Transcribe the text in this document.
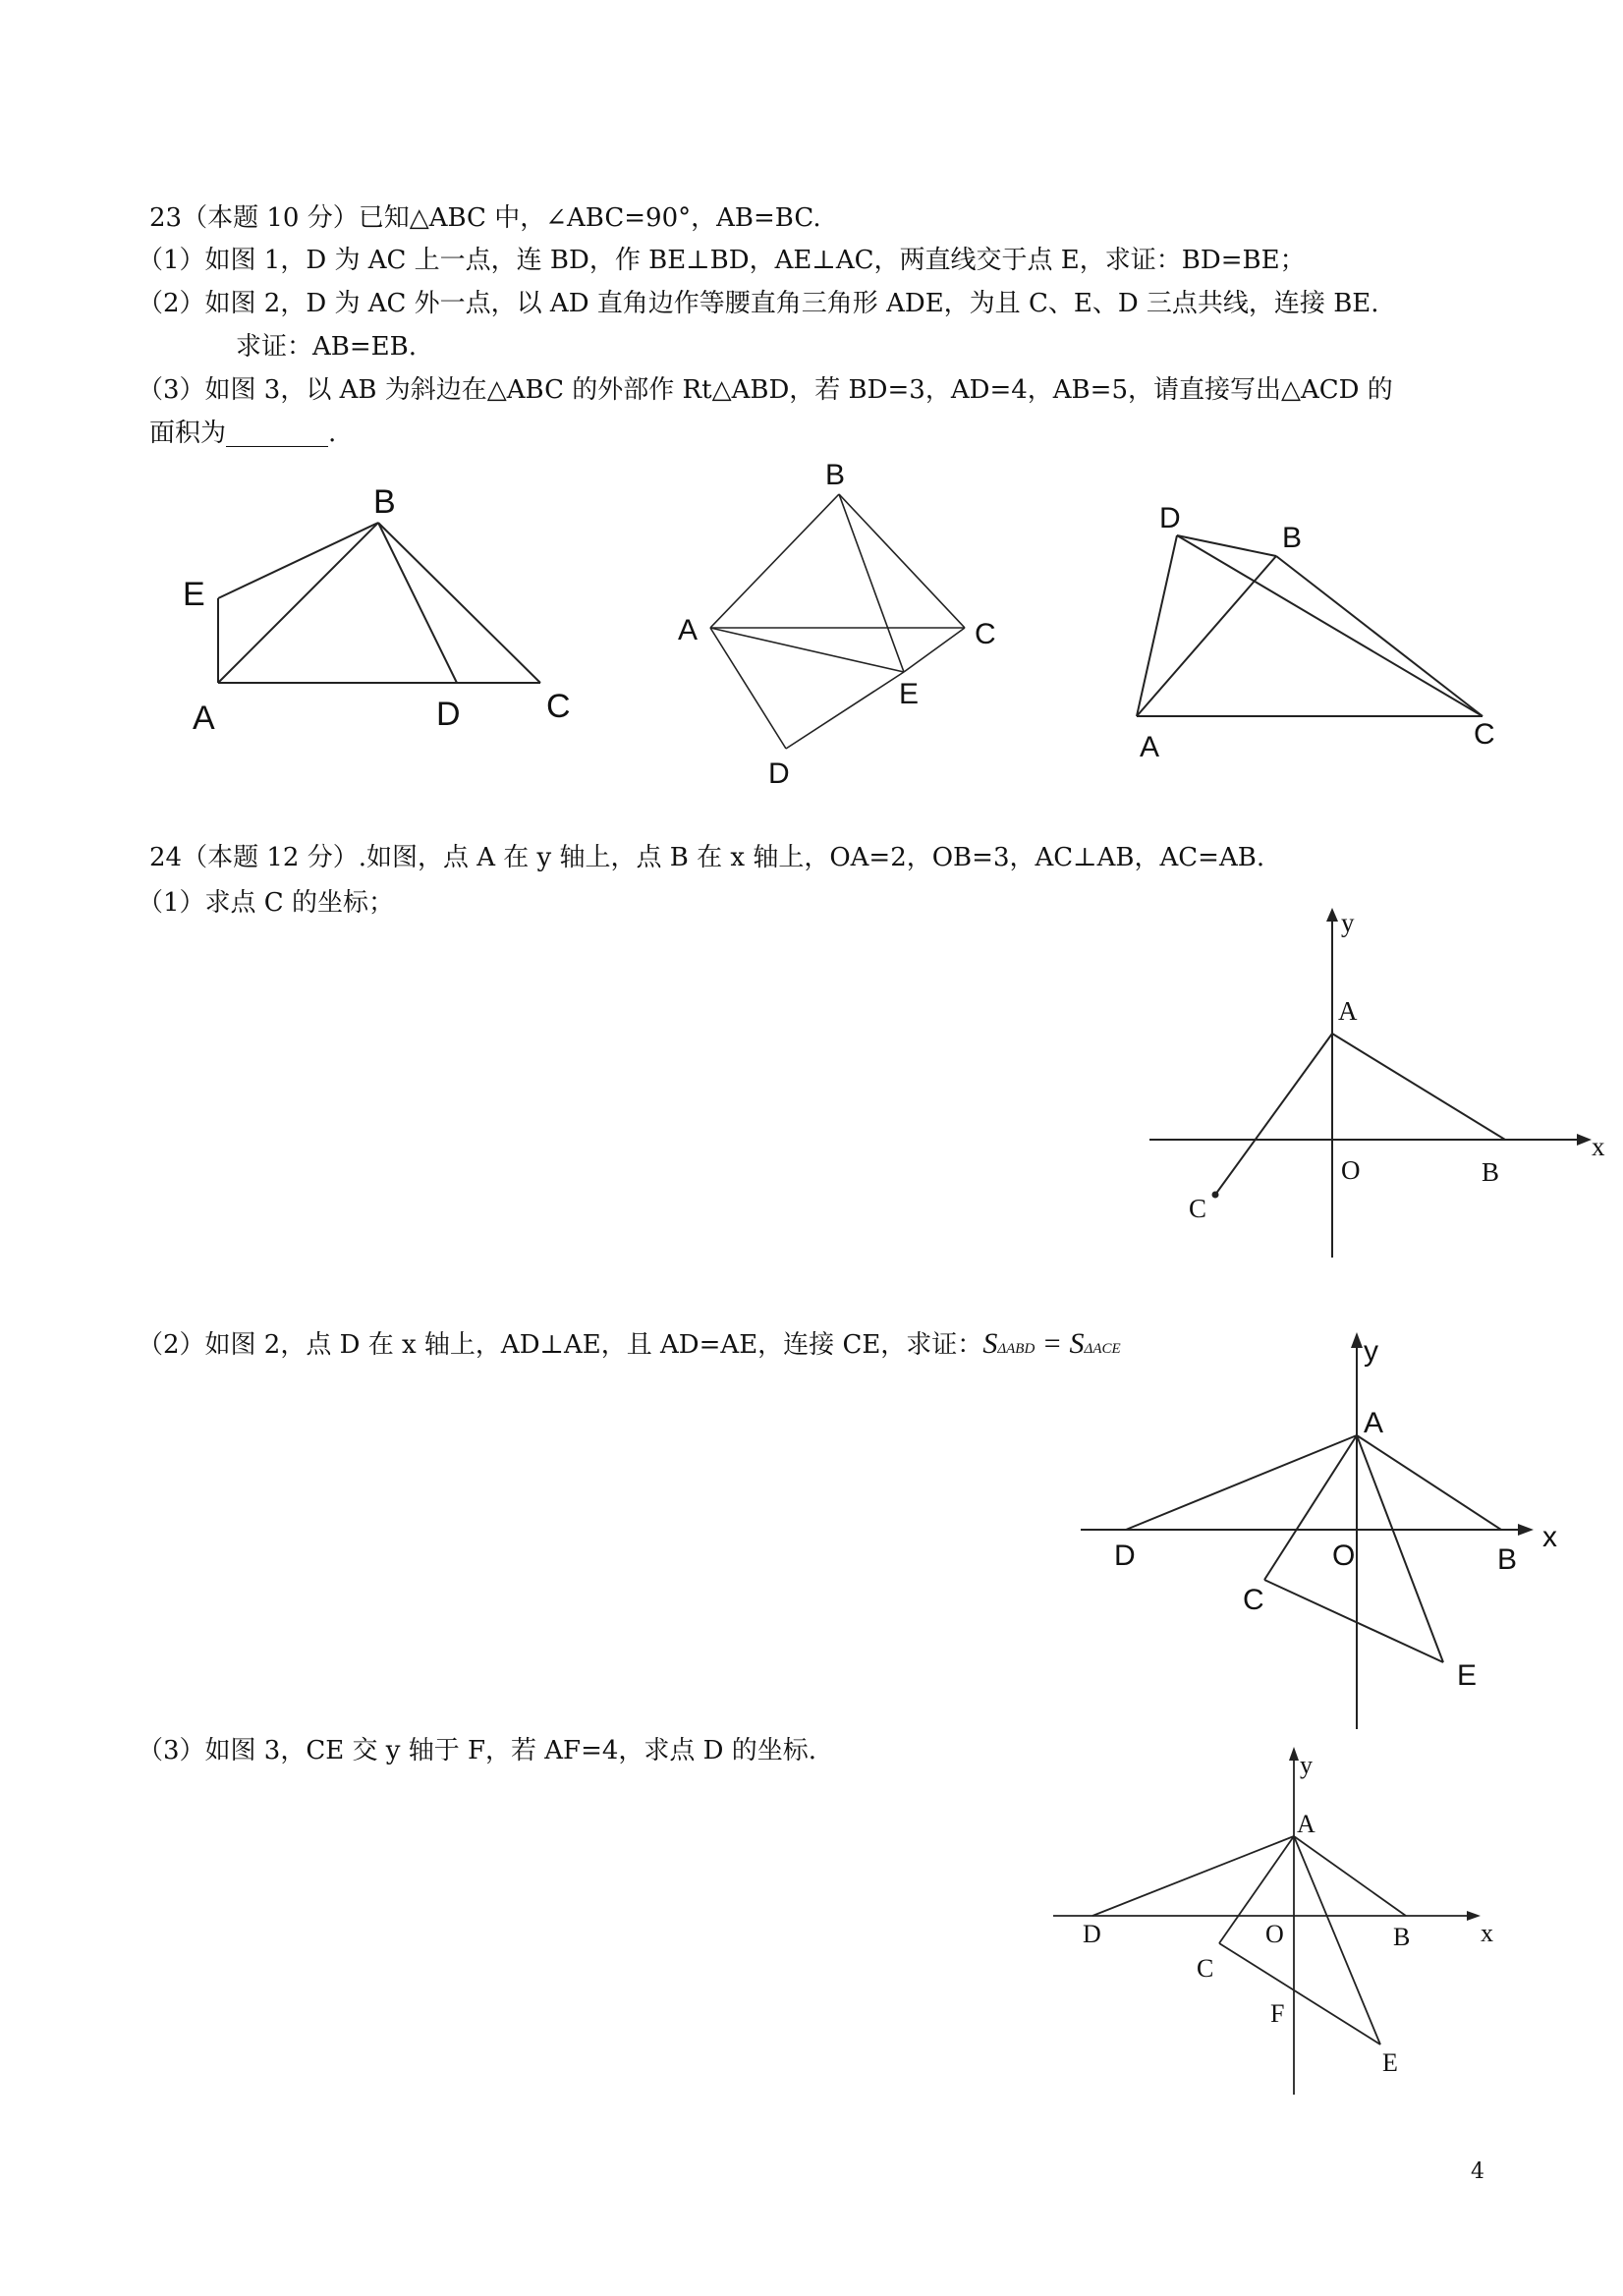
23（本题 10 分）已知△ABC 中，∠ABC=90°，AB=BC.
（1）如图 1，D 为 AC 上一点，连 BD，作 BE⊥BD，AE⊥AC，两直线交于点 E，求证：BD=BE；
（2）如图 2，D 为 AC 外一点，以 AD 直角边作等腰直角三角形 ADE，为且 C、E、D 三点共线，连接 BE.
求证：AB=EB.
（3）如图 3，以 AB 为斜边在△ABC 的外部作 Rt△ABD，若 BD=3，AD=4，AB=5，请直接写出△ACD 的
面积为________.
B
E
A	D	C
B
A	C
E
D
D
B
A	C
24（本题 12 分）.如图，点 A 在 y 轴上，点 B 在 x 轴上，OA=2，OB=3，AC⊥AB，AC=AB.
（1）求点 C 的坐标；
y
A
x
O	B
C
（2）如图 2，点 D 在 x 轴上，AD⊥AE，且 AD=AE，连接 CE，求证：SΔABD = SΔACE	y
A
x
D	O	B
C
E
（3）如图 3，CE 交 y 轴于 F，若 AF=4，求点 D 的坐标.	y
A
x
D	O	B
C
F
E
4
